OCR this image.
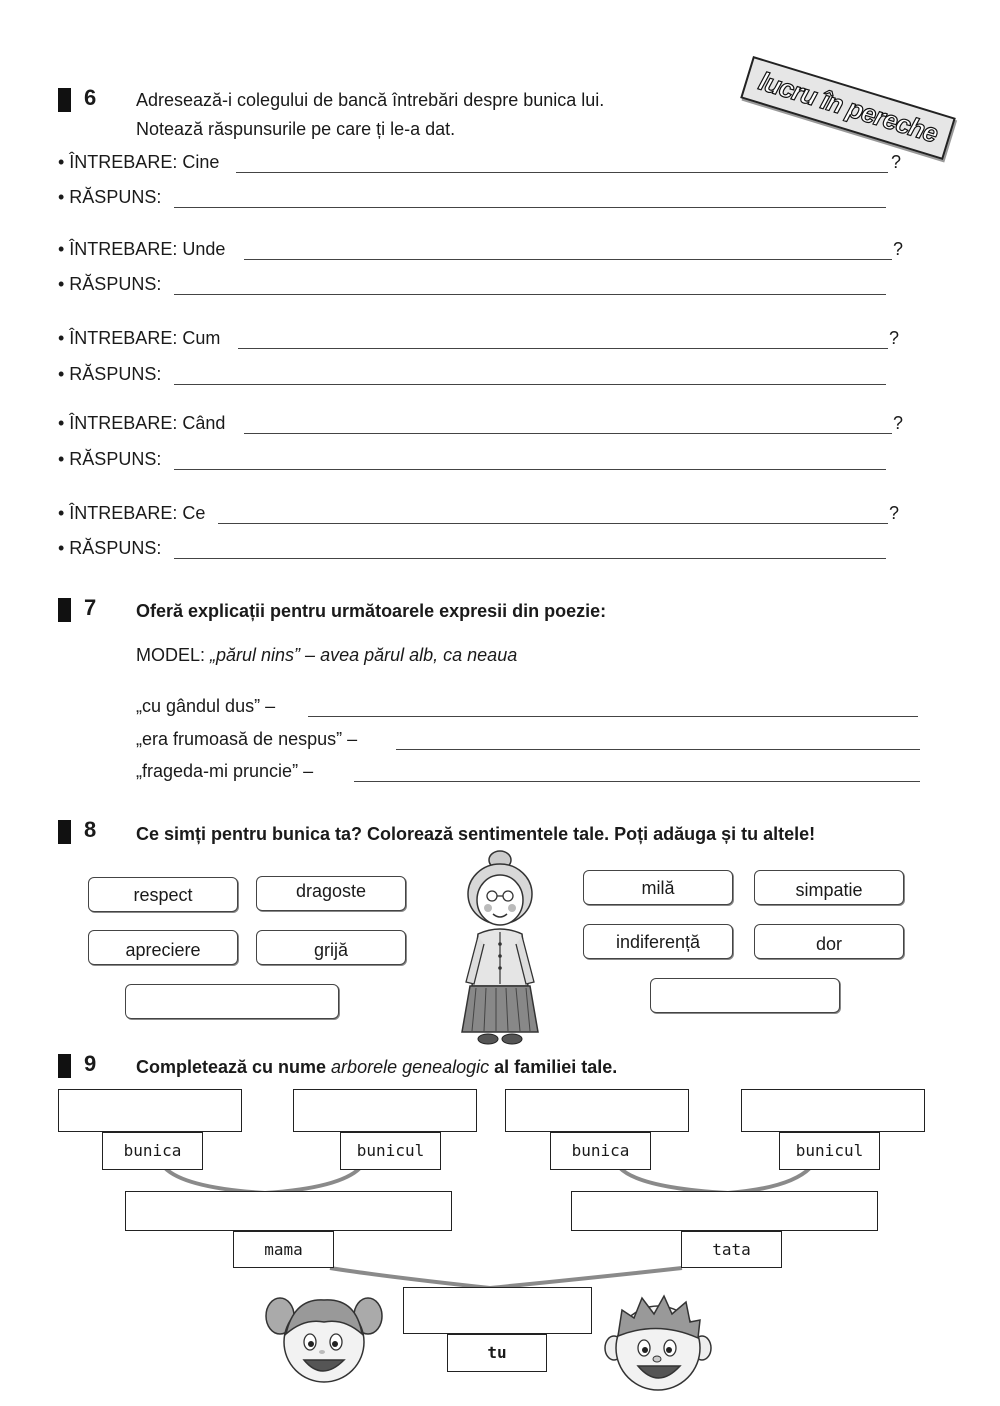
6 Adresează-i colegului de bancă întrebări despre bunica lui.
Notează răspunsurile pe care ți le-a dat.	lucru în pereche
• ÎNTREBARE: Cine	?
• RĂSPUNS:
• ÎNTREBARE: Unde	?
• RĂSPUNS:
• ÎNTREBARE: Cum	?
• RĂSPUNS:
• ÎNTREBARE: Când	?
• RĂSPUNS:
• ÎNTREBARE: Ce	?
• RĂSPUNS:
7 Oferă explicații pentru următoarele expresii din poezie:
MODEL: „părul nins” – avea părul alb, ca neaua
„cu gândul dus” –
„era frumoasă de nespus” –
„frageda-mi pruncie” –
8 Ce simți pentru bunica ta? Colorează sentimentele tale. Poți adăuga și tu altele!
respect	dragoste
apreciere	grijă
milă	simpatie
indiferență	dor
9 Completează cu nume arborele genealogic al familiei tale.
bunica	bunicul	bunica	bunicul
mama	tata
tu
